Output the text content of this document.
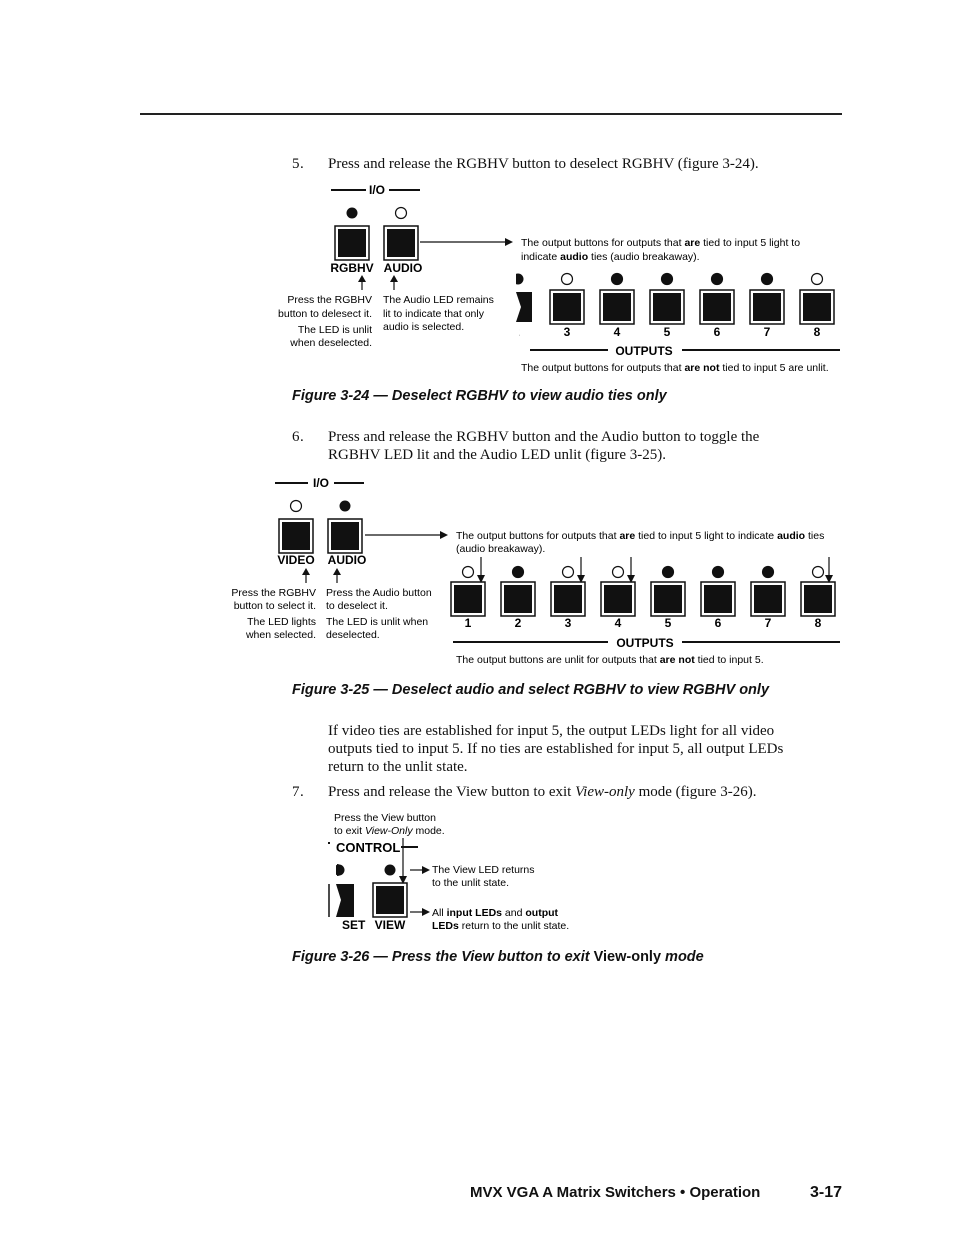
5 . Press and release the RGBHV button to deselect RGBHV (figure 3-24).
I/O
RGBHV AUDIO
Press the RGBHV
button to delesect it.
The LED is unlit
when deselected.
The Audio LED remains
lit to indicate that only
audio is selected.
The output buttons for outputs that are tied to input 5 light to
indicate audio ties (audio breakaway).
3	4	5	6	7	8
OUTPUTS
The output buttons for outputs that are not tied to input 5 are unlit.
I/O
VIDEO AUDIO
Press the RGBHV
button to select it.
The LED lights
when selected.
Press the Audio button
to deselect it.
The LED is unlit when
deselected.
The output buttons for outputs that are tied to input 5 light to indicate audio ties
(audio breakaway).
1	2	3	4	5	6	7	8
OUTPUTS
The output buttons are unlit for outputs that are not tied to input 5.
Press the View button
to exit View-Only mode.
CONTROL
SET VIEW
The View LED returns
to the unlit state.
All input LEDs and output
LEDs return to the unlit state.
Figure 3-24 — Deselect RGBHV to view audio ties only
6 . Press and release the RGBHV button and the Audio button to toggle the
RGBHV LED lit and the Audio LED unlit (figure 3-25).
Figure 3-25 — Deselect audio and select RGBHV to view RGBHV only
If video ties are established for input 5, the output LEDs light for all video
outputs tied to input 5. If no ties are established for input 5, all output LEDs
return to the unlit state.
7 . Press and release the View button to exit View-only mode (figure 3-26).
Figure 3-26 — Press the View button to exit View-only mode
MVX VGA A Matrix Switchers • Operation	3-17
